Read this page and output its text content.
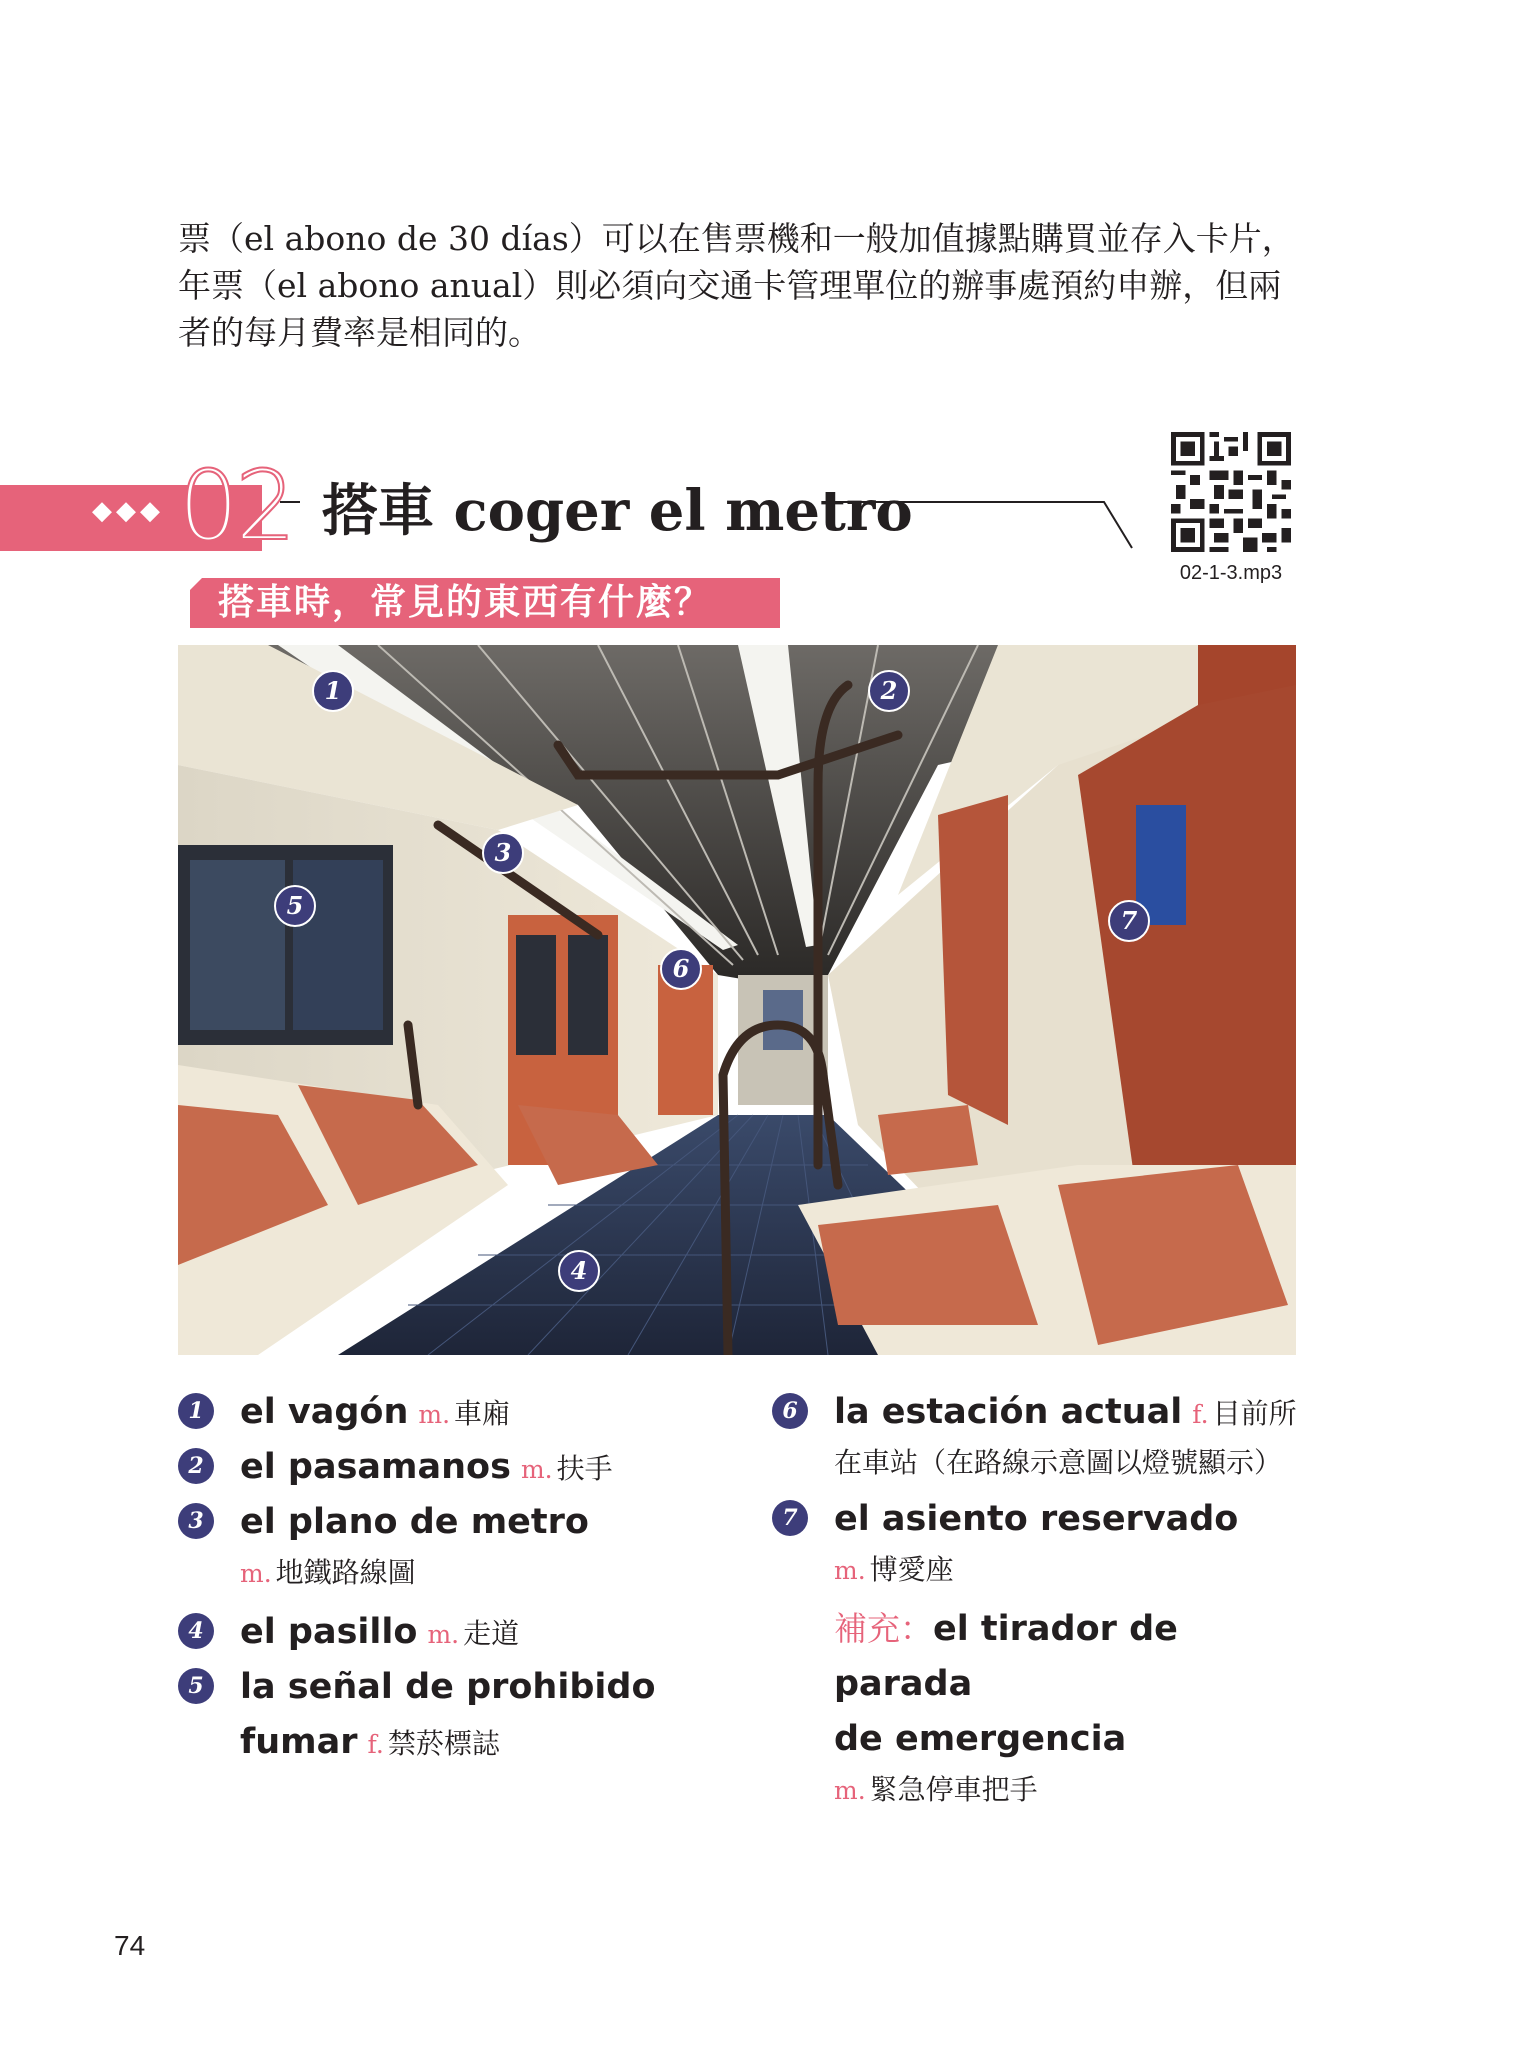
票（el abono de 30 días）可以在售票機和一般加值據點購買並存入卡片，

年票（el abono anual）則必須向交通卡管理單位的辦事處預約申辦，但兩

者的每月費率是相同的。

◆◆◆ 02 搭車 coger el metro
02-1-3.mp3
搭車時，常見的東西有什麼？
1	2
3
4
5
6
7
1 el vagón m. 車廂
2 el pasamanos m. 扶手
3 el plano de metro
m. 地鐵路線圖
4 el pasillo m. 走道
5 la señal de prohibido
fumar f. 禁菸標誌
6 la estación actual f. 目前所
在車站（在路線示意圖以燈號顯示）
7 el asiento reservado
m. 博愛座
補充：el tirador de parada
de emergencia
m. 緊急停車把手
74
